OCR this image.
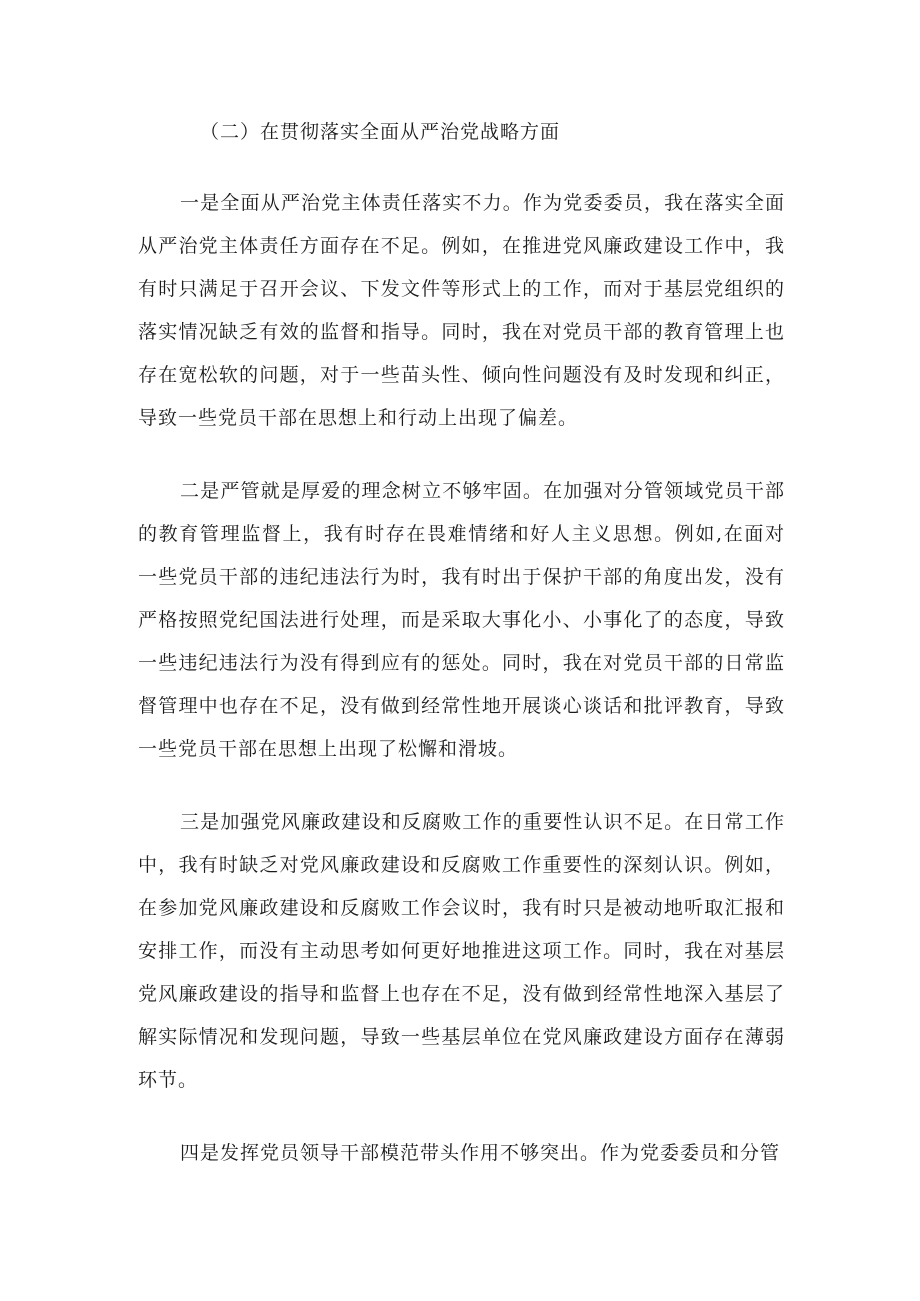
（二）在贯彻落实全面从严治党战略方面

一是全面从严治党主体责任落实不力。作为党委委员，我在落实全面从严治党主体责任方面存在不足。例如，在推进党风廉政建设工作中，我有时只满足于召开会议、下发文件等形式上的工作，而对于基层党组织的落实情况缺乏有效的监督和指导。同时，我在对党员干部的教育管理上也存在宽松软的问题，对于一些苗头性、倾向性问题没有及时发现和纠正，导致一些党员干部在思想上和行动上出现了偏差。

二是严管就是厚爱的理念树立不够牢固。在加强对分管领域党员干部的教育管理监督上，我有时存在畏难情绪和好人主义思想。例如,在面对一些党员干部的违纪违法行为时，我有时出于保护干部的角度出发，没有严格按照党纪国法进行处理，而是采取大事化小、小事化了的态度，导致一些违纪违法行为没有得到应有的惩处。同时，我在对党员干部的日常监督管理中也存在不足，没有做到经常性地开展谈心谈话和批评教育，导致一些党员干部在思想上出现了松懈和滑坡。

三是加强党风廉政建设和反腐败工作的重要性认识不足。在日常工作中，我有时缺乏对党风廉政建设和反腐败工作重要性的深刻认识。例如，在参加党风廉政建设和反腐败工作会议时，我有时只是被动地听取汇报和安排工作，而没有主动思考如何更好地推进这项工作。同时，我在对基层党风廉政建设的指导和监督上也存在不足，没有做到经常性地深入基层了解实际情况和发现问题，导致一些基层单位在党风廉政建设方面存在薄弱环节。

四是发挥党员领导干部模范带头作用不够突出。作为党委委员和分管
